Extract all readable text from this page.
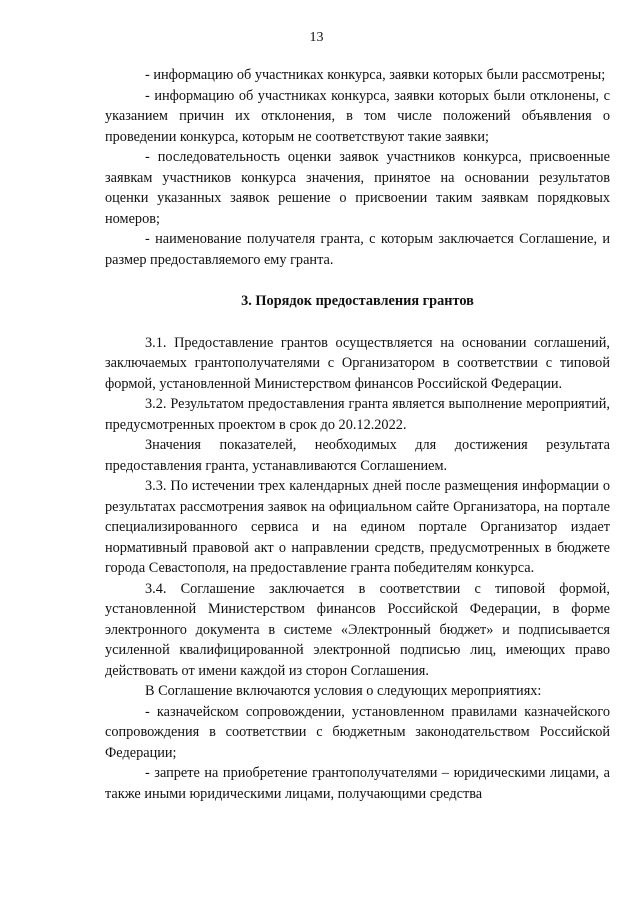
13

- информацию об участниках конкурса, заявки которых были рассмотрены;

- информацию об участниках конкурса, заявки которых были отклонены, с указанием причин их отклонения, в том числе положений объявления о проведении конкурса, которым не соответствуют такие заявки;

- последовательность оценки заявок участников конкурса, присвоенные заявкам участников конкурса значения, принятое на основании результатов оценки указанных заявок решение о присвоении таким заявкам порядковых номеров;

- наименование получателя гранта, с которым заключается Соглашение, и размер предоставляемого ему гранта.

3. Порядок предоставления грантов

3.1. Предоставление грантов осуществляется на основании соглашений, заключаемых грантополучателями с Организатором в соответствии с типовой формой, установленной Министерством финансов Российской Федерации.

3.2. Результатом предоставления гранта является выполнение мероприятий, предусмотренных проектом в срок до 20.12.2022.

Значения показателей, необходимых для достижения результата предоставления гранта, устанавливаются Соглашением.

3.3. По истечении трех календарных дней после размещения информации о результатах рассмотрения заявок на официальном сайте Организатора, на портале специализированного сервиса и на едином портале Организатор издает нормативный правовой акт о направлении средств, предусмотренных в бюджете города Севастополя, на предоставление гранта победителям конкурса.

3.4. Соглашение заключается в соответствии с типовой формой, установленной Министерством финансов Российской Федерации, в форме электронного документа в системе «Электронный бюджет» и подписывается усиленной квалифицированной электронной подписью лиц, имеющих право действовать от имени каждой из сторон Соглашения.

В Соглашение включаются условия о следующих мероприятиях:

- казначейском сопровождении, установленном правилами казначейского сопровождения в соответствии с бюджетным законодательством Российской Федерации;

- запрете на приобретение грантополучателями – юридическими лицами, а также иными юридическими лицами, получающими средства
